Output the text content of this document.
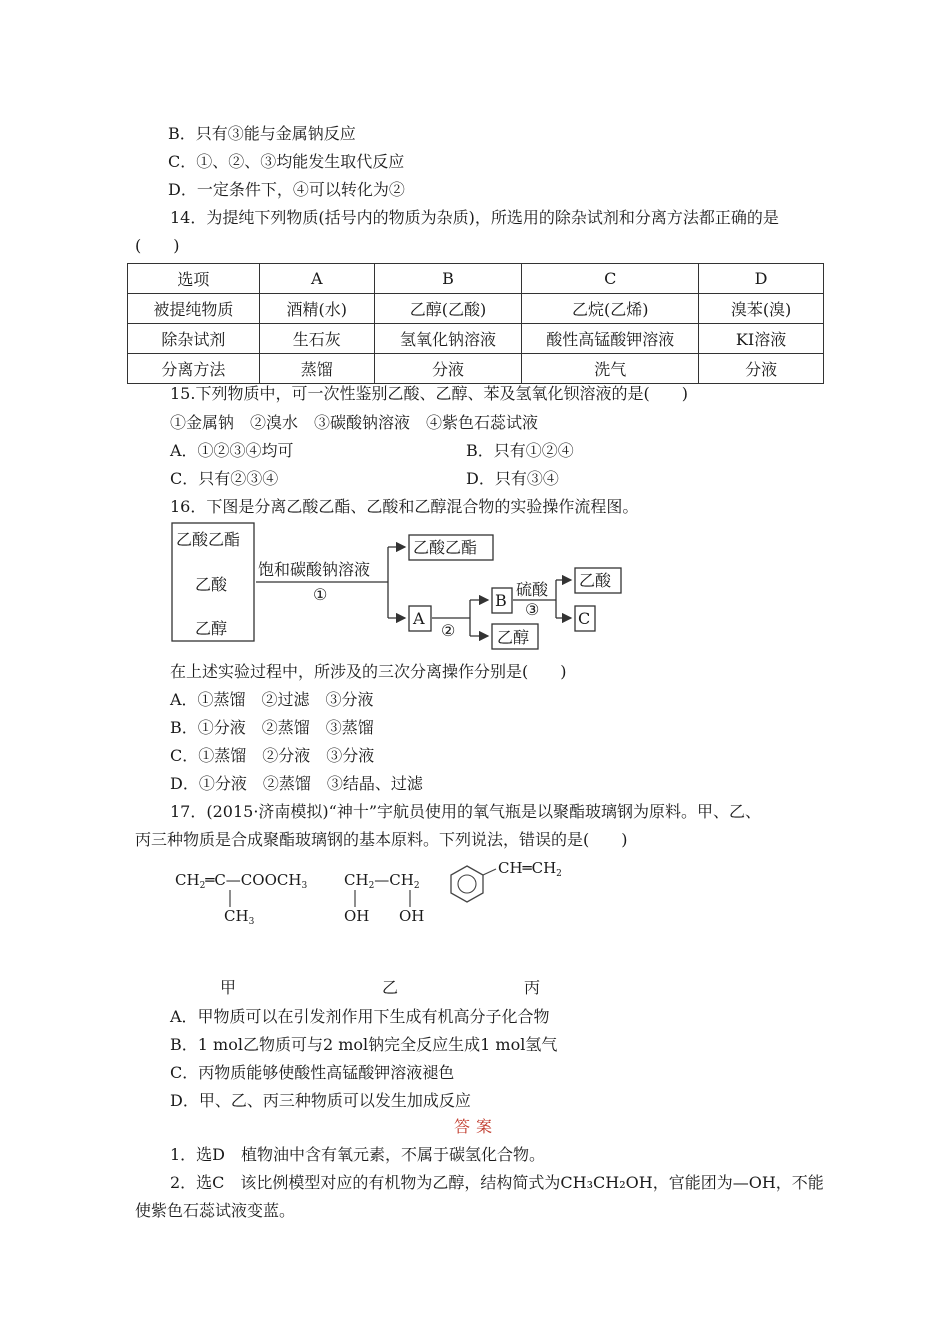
B．只有③能与金属钠反应
C．①、②、③均能发生取代反应
D．一定条件下，④可以转化为②
14．为提纯下列物质(括号内的物质为杂质)，所选用的除杂试剂和分离方法都正确的是
(　　)
选项	A	B	C	D
被提纯物质	酒精(水)	乙醇(乙酸)	乙烷(乙烯)	溴苯(溴)
除杂试剂	生石灰	氢氧化钠溶液	酸性高锰酸钾溶液	KI溶液
分离方法	蒸馏	分液	洗气	分液
15.下列物质中，可一次性鉴别乙酸、乙醇、苯及氢氧化钡溶液的是(　　)
①金属钠　②溴水　③碳酸钠溶液　④紫色石蕊试液
A．①②③④均可	B．只有①②④
C．只有②③④	D．只有③④
16．下图是分离乙酸乙酯、乙酸和乙醇混合物的实验操作流程图。
乙酸乙酯
乙酸
乙醇
饱和碳酸钠溶液
①
乙酸乙酯
A
②
B
乙醇
硫酸
③
乙酸
C
在上述实验过程中，所涉及的三次分离操作分别是(　　)
A．①蒸馏　②过滤　③分液
B．①分液　②蒸馏　③蒸馏
C．①蒸馏　②分液　③分液
D．①分液　②蒸馏　③结晶、过滤
17．(2015·济南模拟)“神十”宇航员使用的氧气瓶是以聚酯玻璃钢为原料。甲、乙、
丙三种物质是合成聚酯玻璃钢的基本原料。下列说法，错误的是(　　)
$CH_2═C—COOCH_3$
$CH_3$
$CH_2—CH_2$
OH OH
$CH═CH_2$
甲	乙	丙
A．甲物质可以在引发剂作用下生成有机高分子化合物
B．1 mol乙物质可与2 mol钠完全反应生成1 mol氢气
C．丙物质能够使酸性高锰酸钾溶液褪色
D．甲、乙、丙三种物质可以发生加成反应
答案
1．选D　植物油中含有氧元素，不属于碳氢化合物。
2．选C　该比例模型对应的有机物为乙醇，结构简式为CH₃CH₂OH，官能团为—OH，不能
使紫色石蕊试液变蓝。
